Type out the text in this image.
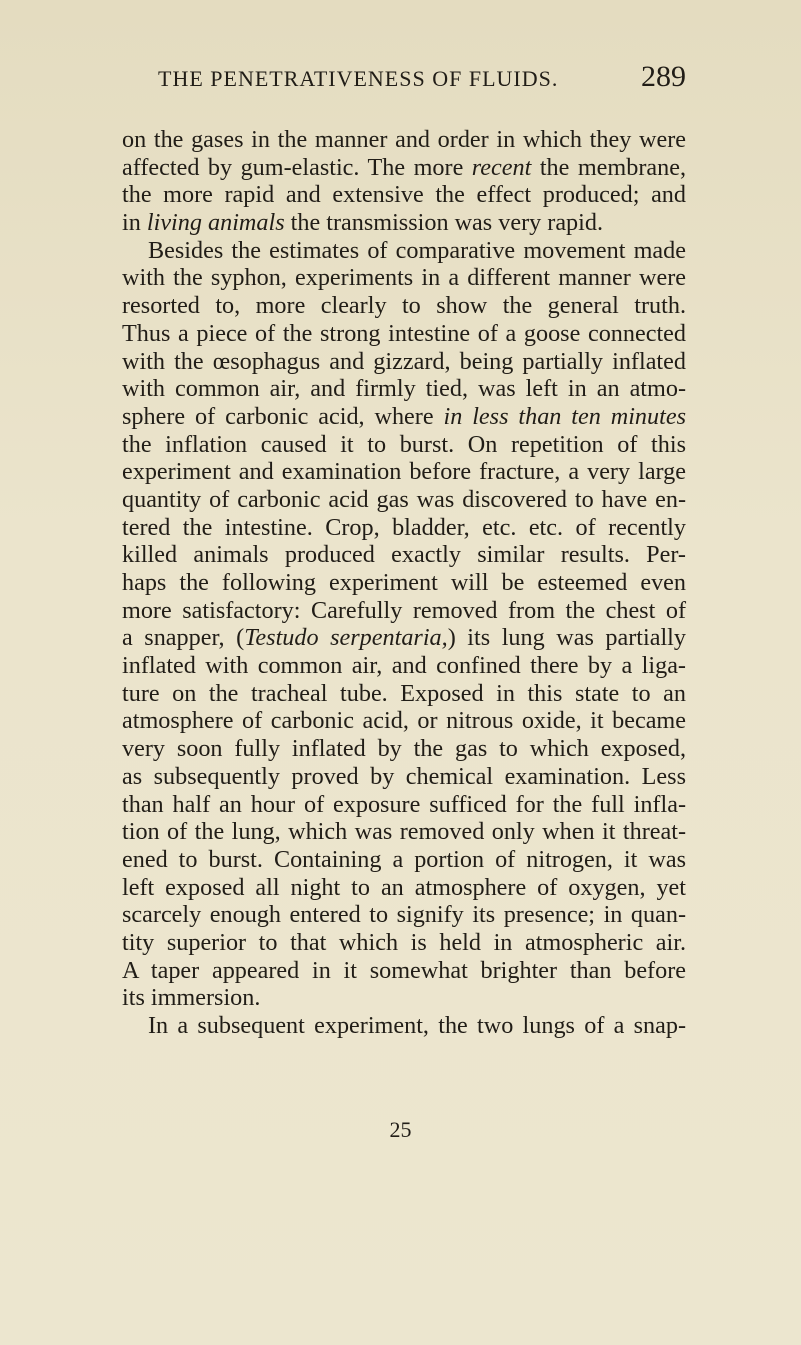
THE PENETRATIVENESS OF FLUIDS.	289
on the gases in the manner and order in which they were
affected by gum-elastic. The more recent the membrane,
the more rapid and extensive the effect produced; and
in living animals the transmission was very rapid.
Besides the estimates of comparative movement made
with the syphon, experiments in a different manner were
resorted to, more clearly to show the general truth.
Thus a piece of the strong intestine of a goose connected
with the œsophagus and gizzard, being partially inflated
with common air, and firmly tied, was left in an atmo-
sphere of carbonic acid, where in less than ten minutes
the inflation caused it to burst. On repetition of this
experiment and examination before fracture, a very large
quantity of carbonic acid gas was discovered to have en-
tered the intestine. Crop, bladder, etc. etc. of recently
killed animals produced exactly similar results. Per-
haps the following experiment will be esteemed even
more satisfactory: Carefully removed from the chest of
a snapper, (Testudo serpentaria,) its lung was partially
inflated with common air, and confined there by a liga-
ture on the tracheal tube. Exposed in this state to an
atmosphere of carbonic acid, or nitrous oxide, it became
very soon fully inflated by the gas to which exposed,
as subsequently proved by chemical examination. Less
than half an hour of exposure sufficed for the full infla-
tion of the lung, which was removed only when it threat-
ened to burst. Containing a portion of nitrogen, it was
left exposed all night to an atmosphere of oxygen, yet
scarcely enough entered to signify its presence; in quan-
tity superior to that which is held in atmospheric air.
A taper appeared in it somewhat brighter than before
its immersion.
In a subsequent experiment, the two lungs of a snap-
25
